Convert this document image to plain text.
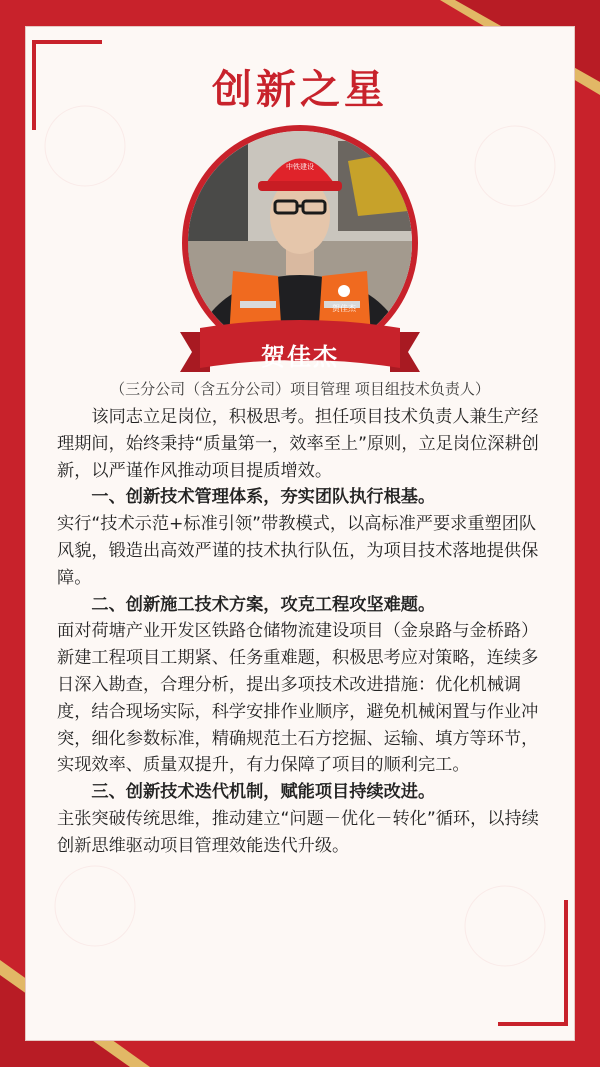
创新之星
中铁建设
贺佳杰
贺佳杰
（三分公司（含五分公司）项目管理 项目组技术负责人）

该同志立足岗位，积极思考。担任项目技术负责人兼生产经理期间，始终秉持“质量第一，效率至上”原则，立足岗位深耕创新，以严谨作风推动项目提质增效。

一、创新技术管理体系，夯实团队执行根基。

实行“技术示范+标准引领”带教模式，以高标准严要求重塑团队风貌，锻造出高效严谨的技术执行队伍，为项目技术落地提供保障。

二、创新施工技术方案，攻克工程攻坚难题。

面对荷塘产业开发区铁路仓储物流建设项目（金泉路与金桥路）新建工程项目工期紧、任务重难题，积极思考应对策略，连续多日深入勘查，合理分析，提出多项技术改进措施：优化机械调度，结合现场实际，科学安排作业顺序，避免机械闲置与作业冲突，细化参数标准，精确规范土石方挖掘、运输、填方等环节，实现效率、质量双提升，有力保障了项目的顺利完工。

三、创新技术迭代机制，赋能项目持续改进。

主张突破传统思维，推动建立“问题－优化－转化”循环，以持续创新思维驱动项目管理效能迭代升级。
